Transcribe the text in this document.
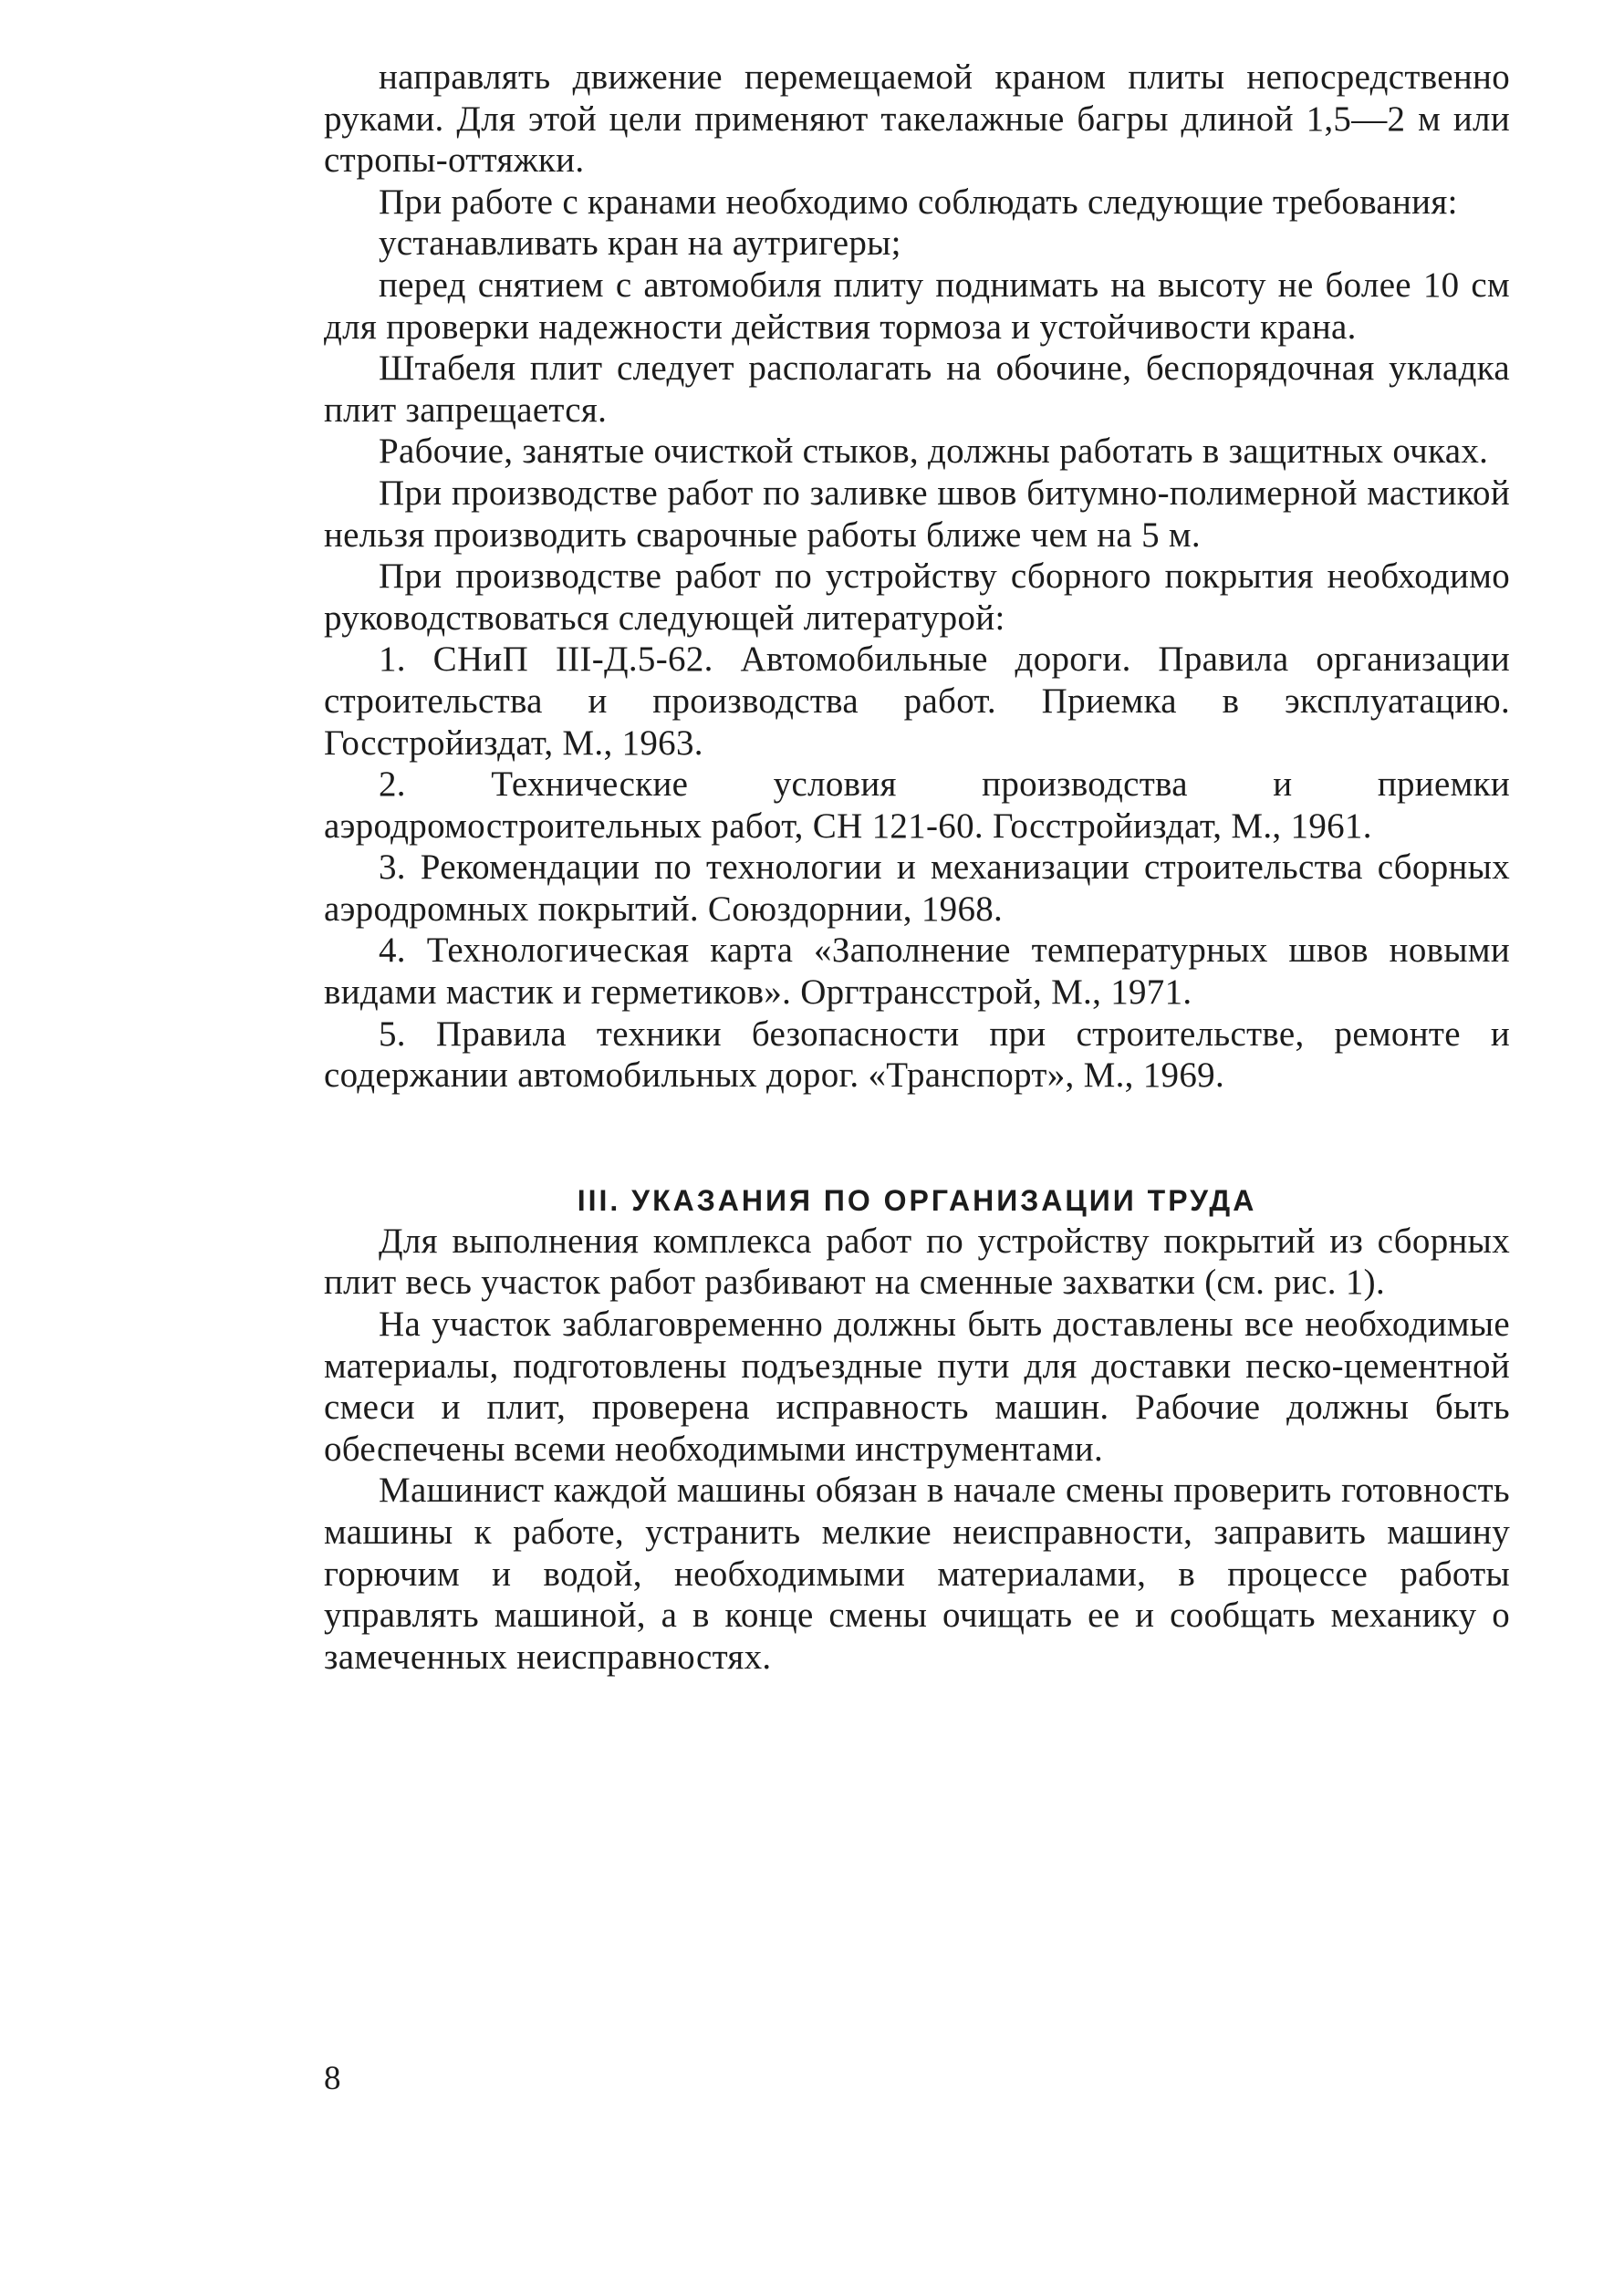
направлять движение перемещаемой краном плиты непосредственно руками. Для этой цели применяют такелажные багры длиной 1,5—2 м или стропы-оттяжки.

При работе с кранами необходимо соблюдать следующие требования:

устанавливать кран на аутригеры;

перед снятием с автомобиля плиту поднимать на высоту не более 10 см для проверки надежности действия тормоза и устойчивости крана.

Штабеля плит следует располагать на обочине, беспорядочная укладка плит запрещается.

Рабочие, занятые очисткой стыков, должны работать в защитных очках.

При производстве работ по заливке швов битумно-полимерной мастикой нельзя производить сварочные работы ближе чем на 5 м.

При производстве работ по устройству сборного покрытия необходимо руководствоваться следующей литературой:

1. СНиП III-Д.5-62. Автомобильные дороги. Правила организации строительства и производства работ. Приемка в эксплуатацию. Госстройиздат, М., 1963.

2. Технические условия производства и приемки аэродромостроительных работ, СН 121-60. Госстройиздат, М., 1961.

3. Рекомендации по технологии и механизации строительства сборных аэродромных покрытий. Союздорнии, 1968.

4. Технологическая карта «Заполнение температурных швов новыми видами мастик и герметиков». Оргтрансстрой, М., 1971.

5. Правила техники безопасности при строительстве, ремонте и содержании автомобильных дорог. «Транспорт», М., 1969.

III. УКАЗАНИЯ ПО ОРГАНИЗАЦИИ ТРУДА

Для выполнения комплекса работ по устройству покрытий из сборных плит весь участок работ разбивают на сменные захватки (см. рис. 1).

На участок заблаговременно должны быть доставлены все необходимые материалы, подготовлены подъездные пути для доставки песко-цементной смеси и плит, проверена исправность машин. Рабочие должны быть обеспечены всеми необходимыми инструментами.

Машинист каждой машины обязан в начале смены проверить готовность машины к работе, устранить мелкие неисправности, заправить машину горючим и водой, необходимыми материалами, в процессе работы управлять машиной, а в конце смены очищать ее и сообщать механику о замеченных неисправностях.

8
